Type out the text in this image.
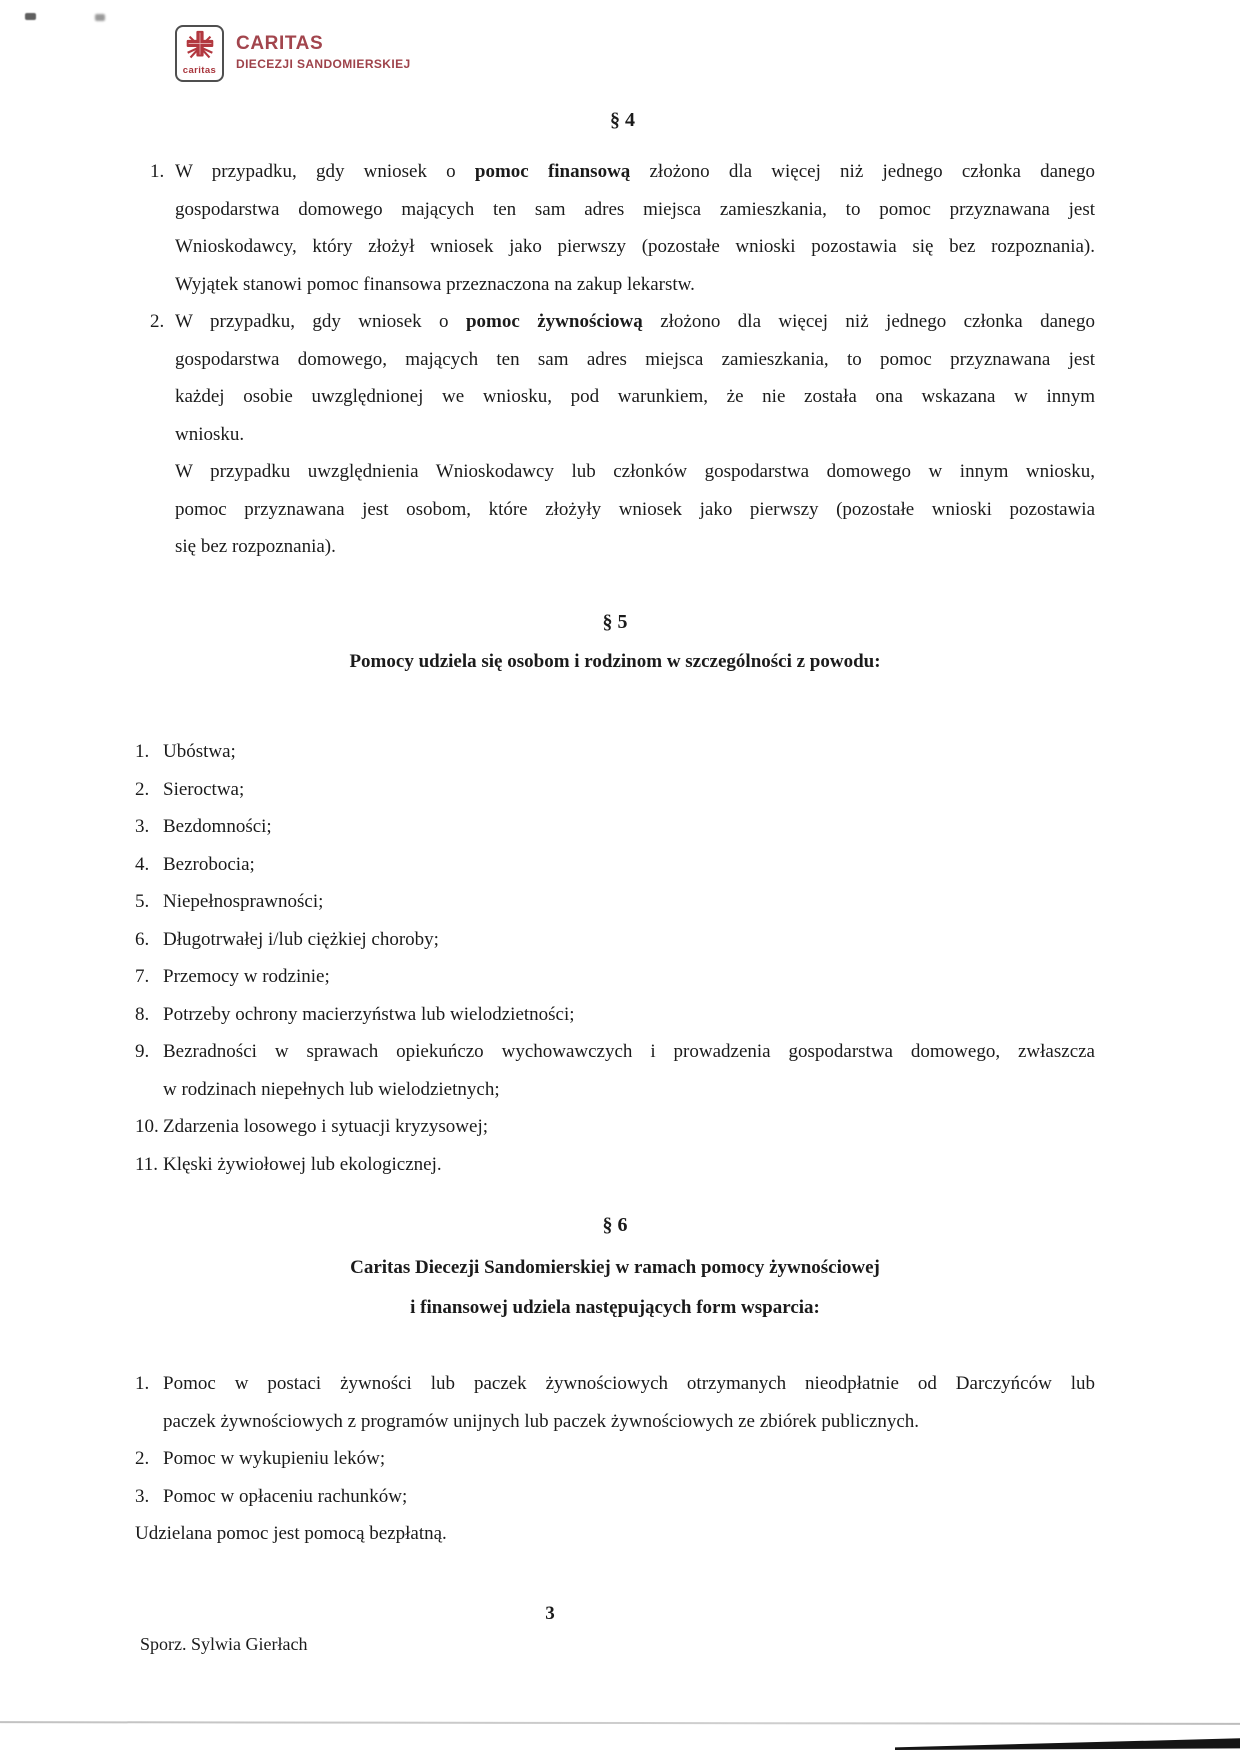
caritas
CARITAS
DIECEZJI SANDOMIERSKIEJ
§ 4
1. W przypadku, gdy wniosek o pomoc finansową złożono dla więcej niż jednego członka danego
gospodarstwa domowego mających ten sam adres miejsca zamieszkania, to pomoc przyznawana jest
Wnioskodawcy, który złożył wniosek jako pierwszy (pozostałe wnioski pozostawia się bez rozpoznania).
Wyjątek stanowi pomoc finansowa przeznaczona na zakup lekarstw.
2. W przypadku, gdy wniosek o pomoc żywnościową złożono dla więcej niż jednego członka danego
gospodarstwa domowego, mających ten sam adres miejsca zamieszkania, to pomoc przyznawana jest
każdej osobie uwzględnionej we wniosku, pod warunkiem, że nie została ona wskazana w innym
wniosku.
W przypadku uwzględnienia Wnioskodawcy lub członków gospodarstwa domowego w innym wniosku,
pomoc przyznawana jest osobom, które złożyły wniosek jako pierwszy (pozostałe wnioski pozostawia
się bez rozpoznania).
§ 5
Pomocy udziela się osobom i rodzinom w szczególności z powodu:
1. Ubóstwa;
2. Sieroctwa;
3. Bezdomności;
4. Bezrobocia;
5. Niepełnosprawności;
6. Długotrwałej i/lub ciężkiej choroby;
7. Przemocy w rodzinie;
8. Potrzeby ochrony macierzyństwa lub wielodzietności;
9. Bezradności w sprawach opiekuńczo wychowawczych i prowadzenia gospodarstwa domowego, zwłaszcza
w rodzinach niepełnych lub wielodzietnych;
10. Zdarzenia losowego i sytuacji kryzysowej;
11. Klęski żywiołowej lub ekologicznej.
§ 6
Caritas Diecezji Sandomierskiej w ramach pomocy żywnościowej
i finansowej udziela następujących form wsparcia:
1. Pomoc w postaci żywności lub paczek żywnościowych otrzymanych nieodpłatnie od Darczyńców lub
paczek żywnościowych z programów unijnych lub paczek żywnościowych ze zbiórek publicznych.
2. Pomoc w wykupieniu leków;
3. Pomoc w opłaceniu rachunków;
Udzielana pomoc jest pomocą bezpłatną.
3
Sporz. Sylwia Gierłach
